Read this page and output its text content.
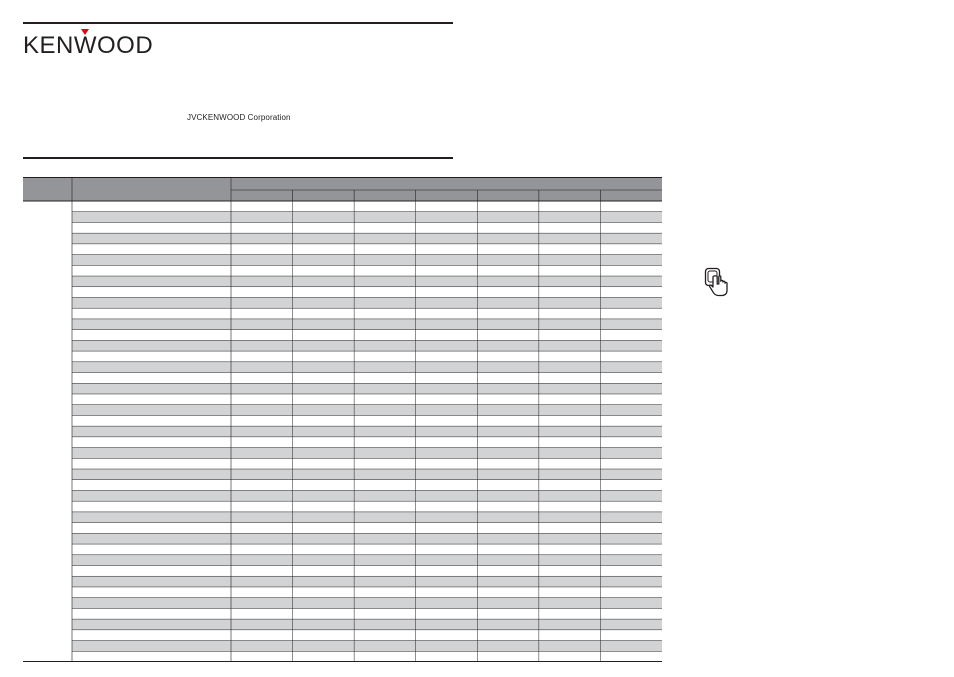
KENWOOD
JVCKENWOOD Corporation
